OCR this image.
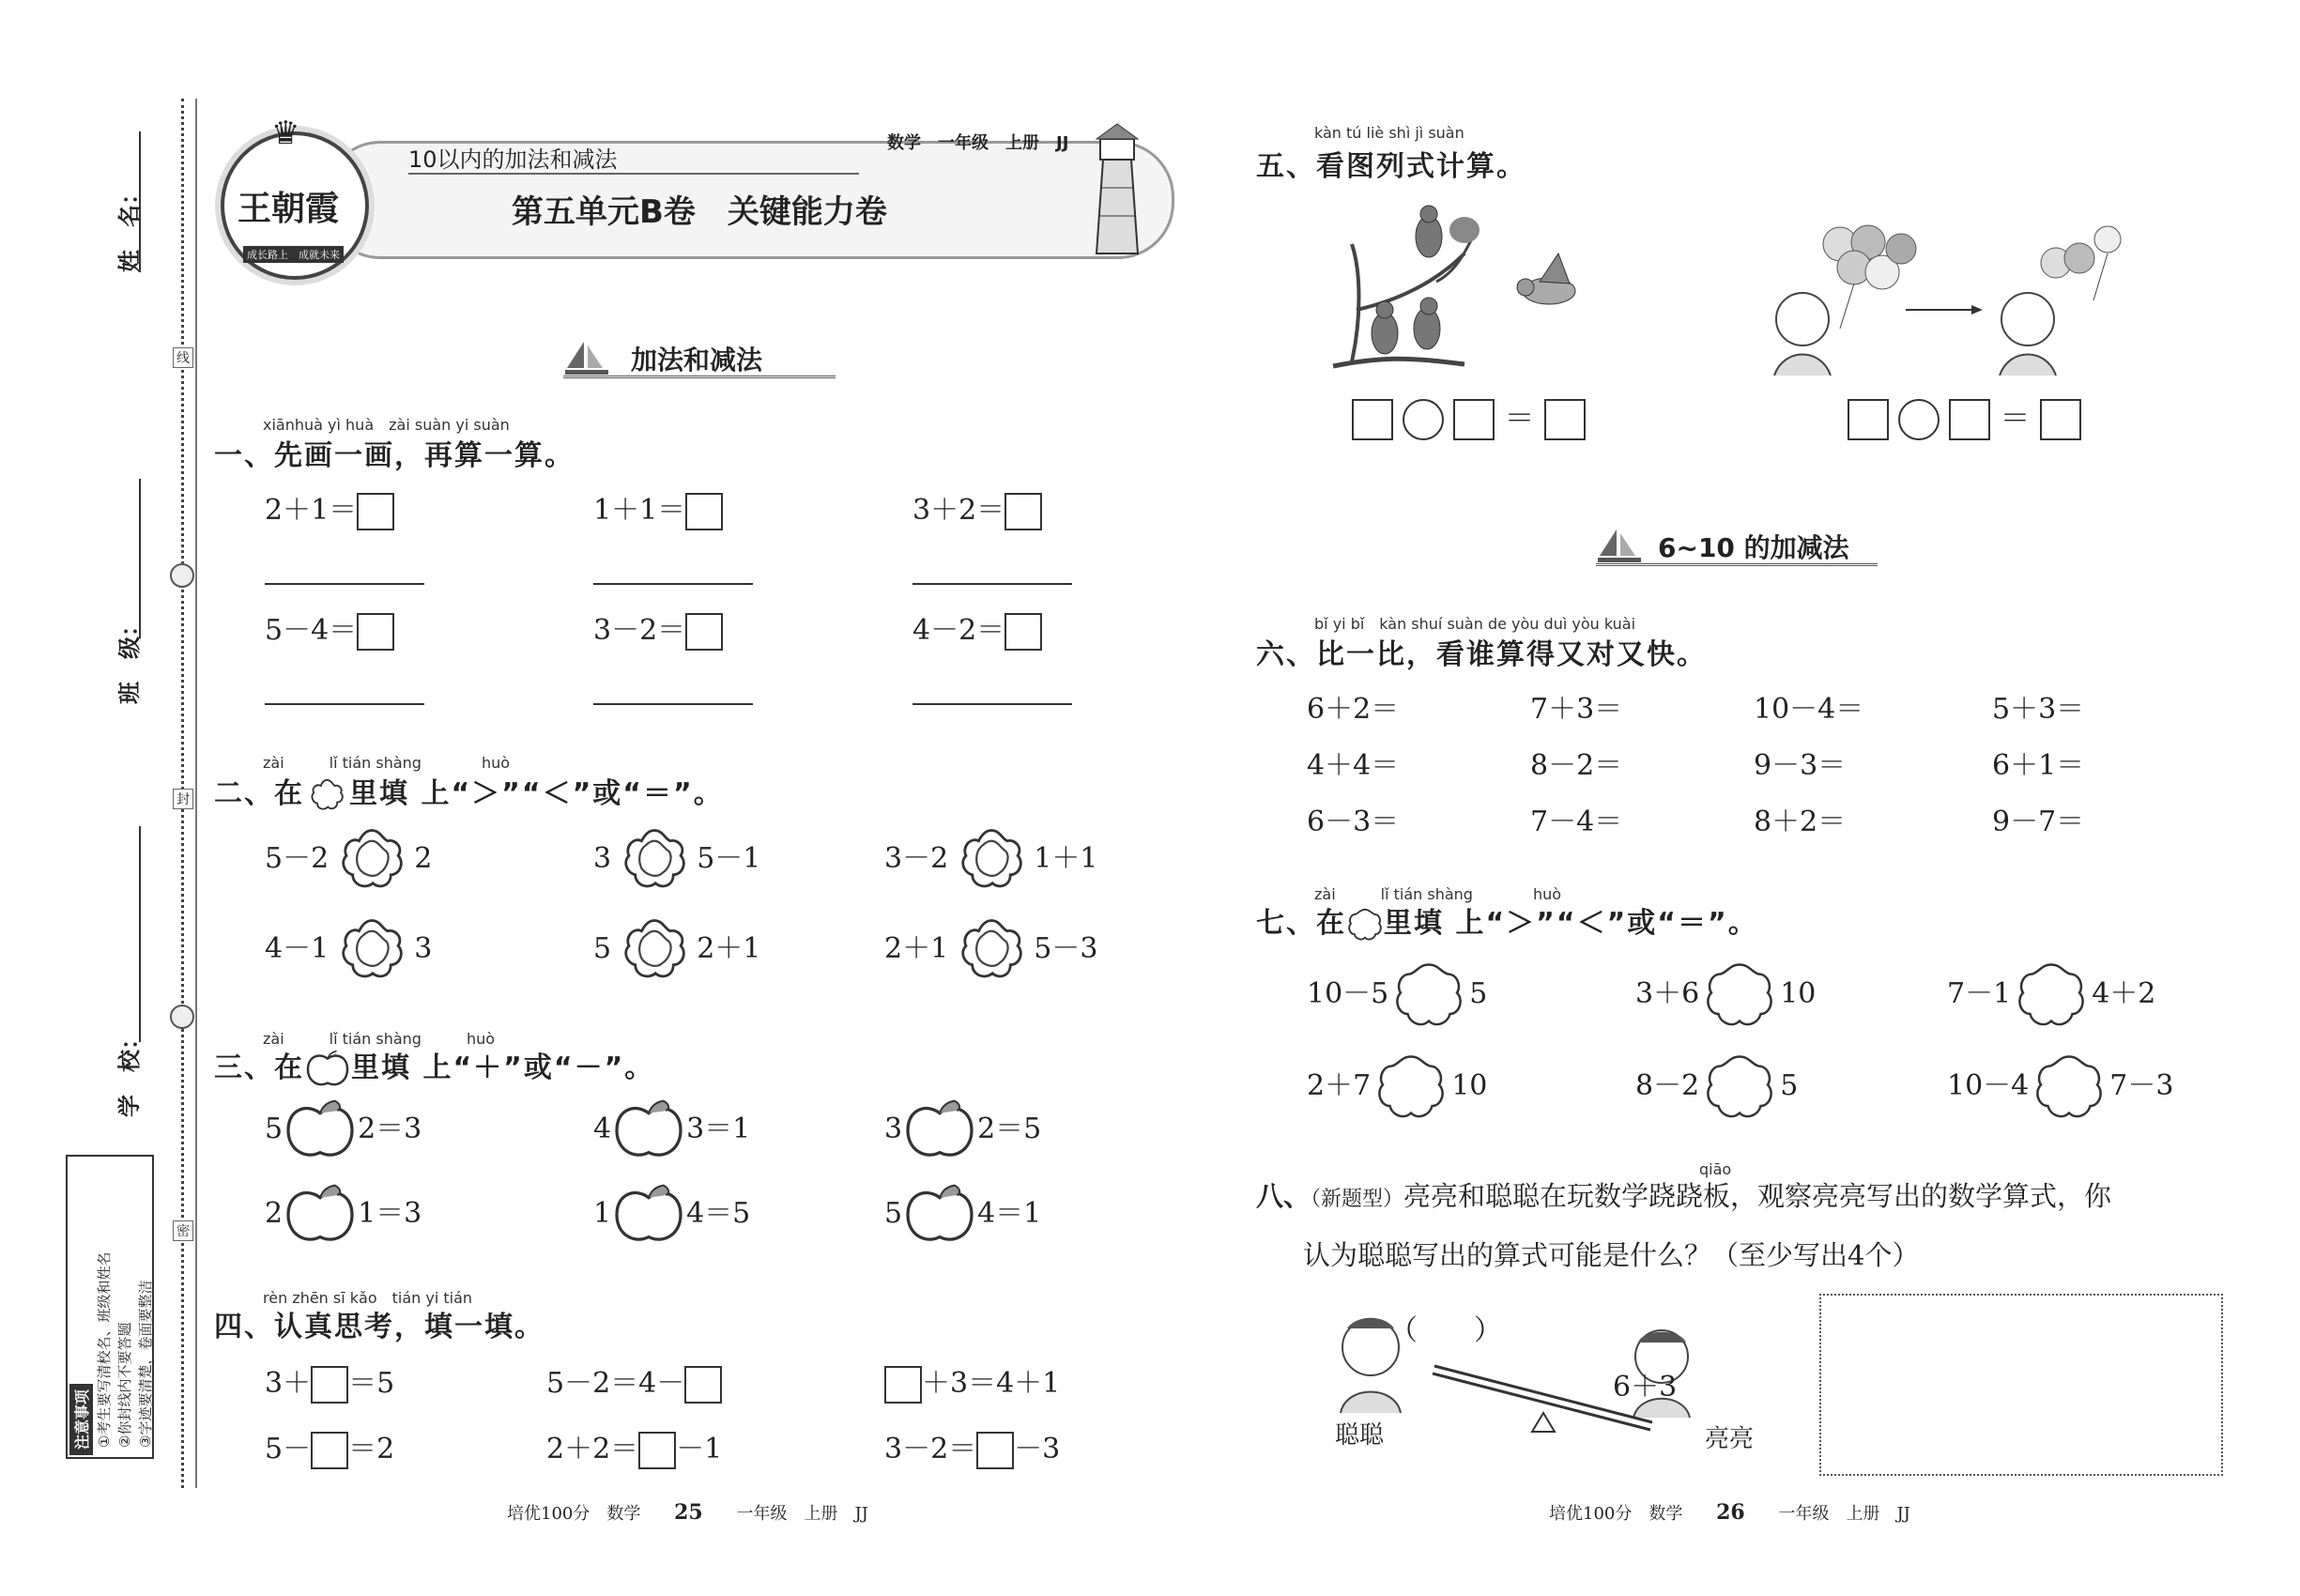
姓　名：
班　级：
学　校：
线
封
密
注意事项 ①考生要写清校名、班级和姓名 ②你封线内不要答题 ③字迹要清楚，卷面要整洁
♛
王朝霞
成长路上　成就未来
10以内的加法和减法
数学　一年级　上册　JJ
第五单元B卷　关键能力卷
加法和减法
xiānhuà yì huà　zài suàn yi suàn
一、先画一画，再算一算。
2＋1＝	1＋1＝	3＋2＝
5－4＝	3－2＝	4－2＝
zài　　　lǐ tián shàng　　　　huò
二、在 里填 上“＞”“＜”或“＝”。
5－2	2	3	5－1	3－2	1＋1
4－1	3	5	2＋1	2＋1	5－3
zài　　　lǐ tián shàng　　　huò
三、在 里填 上“＋”或“－”。
5	2＝3	4	3＝1	3	2＝5
2	1＝3	1	4＝5	5	4＝1
rèn zhēn sī kǎo　tián yi tián
四、认真思考，填一填。
3＋ ＝5	5－2＝4－	＋3＝4＋1
5－ ＝2	2＋2＝ －1	3－2＝ －3
培优100分　数学 25 一年级　上册　JJ
kàn tú liè shì jì suàn
五、看图列式计算。
＝	＝
6~10 的加减法
bǐ yi bǐ　kàn shuí suàn de yòu duì yòu kuài
六、比一比，看谁算得又对又快。
6＋2＝	7＋3＝	10－4＝	5＋3＝
4＋4＝	8－2＝	9－3＝	6＋1＝
6－3＝	7－4＝	8＋2＝	9－7＝
zài　　　lǐ tián shàng　　　　huò
七、在 里填 上“＞”“＜”或“＝”。
10－5	5	3＋6	10	7－1	4＋2
2＋7	10	8－2	5	10－4	7－3
qiāo
八、（新题型）亮亮和聪聪在玩数学跷跷板，观察亮亮写出的数学算式，你
认为聪聪写出的算式可能是什么？（至少写出4个）
（　　）
6＋3
聪聪	亮亮
培优100分　数学 26 一年级　上册　JJ
